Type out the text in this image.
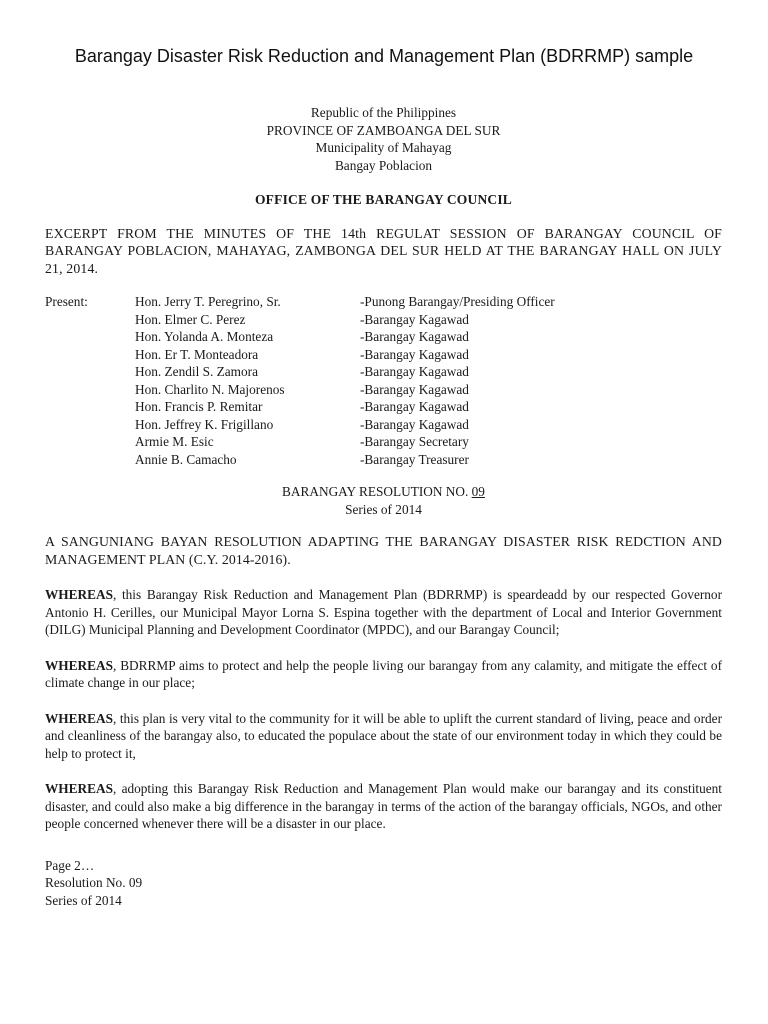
Barangay Disaster Risk Reduction and Management Plan (BDRRMP) sample
Republic of the Philippines
PROVINCE OF ZAMBOANGA DEL SUR
Municipality of Mahayag
Bangay Poblacion
OFFICE OF THE BARANGAY COUNCIL
EXCERPT FROM THE MINUTES OF THE 14th REGULAT SESSION OF BARANGAY COUNCIL OF BARANGAY POBLACION, MAHAYAG, ZAMBONGA DEL SUR HELD AT THE BARANGAY HALL ON JULY 21, 2014.
Present:	Hon. Jerry T. Peregrino, Sr.	-Punong Barangay/Presiding Officer
Hon. Elmer C. Perez	-Barangay Kagawad
Hon. Yolanda A. Monteza	-Barangay Kagawad
Hon. Er T. Monteadora	-Barangay Kagawad
Hon. Zendil S. Zamora	-Barangay Kagawad
Hon. Charlito N. Majorenos	-Barangay Kagawad
Hon. Francis P. Remitar	-Barangay Kagawad
Hon. Jeffrey K. Frigillano	-Barangay Kagawad
Armie M. Esic	-Barangay Secretary
Annie B. Camacho	-Barangay Treasurer
BARANGAY RESOLUTION NO. 09
Series of 2014
A SANGUNIANG BAYAN RESOLUTION ADAPTING THE BARANGAY DISASTER RISK REDCTION AND MANAGEMENT PLAN (C.Y. 2014-2016).
WHEREAS, this Barangay Risk Reduction and Management Plan (BDRRMP) is speardeadd by our respected Governor Antonio H. Cerilles, our Municipal Mayor Lorna S. Espina together with the department of Local and Interior Government (DILG) Municipal Planning and Development Coordinator (MPDC), and our Barangay Council;
WHEREAS, BDRRMP aims to protect and help the people living our barangay from any calamity, and mitigate the effect of climate change in our place;
WHEREAS, this plan is very vital to the community for it will be able to uplift the current standard of living, peace and order and cleanliness of the barangay also, to educated the populace about the state of our environment today in which they could be help to protect it,
WHEREAS, adopting this Barangay Risk Reduction and Management Plan would make our barangay and its constituent disaster, and could also make a big difference in the barangay in terms of the action of the barangay officials, NGOs, and other people concerned whenever there will be a disaster in our place.
Page 2…
Resolution No. 09
Series of 2014
